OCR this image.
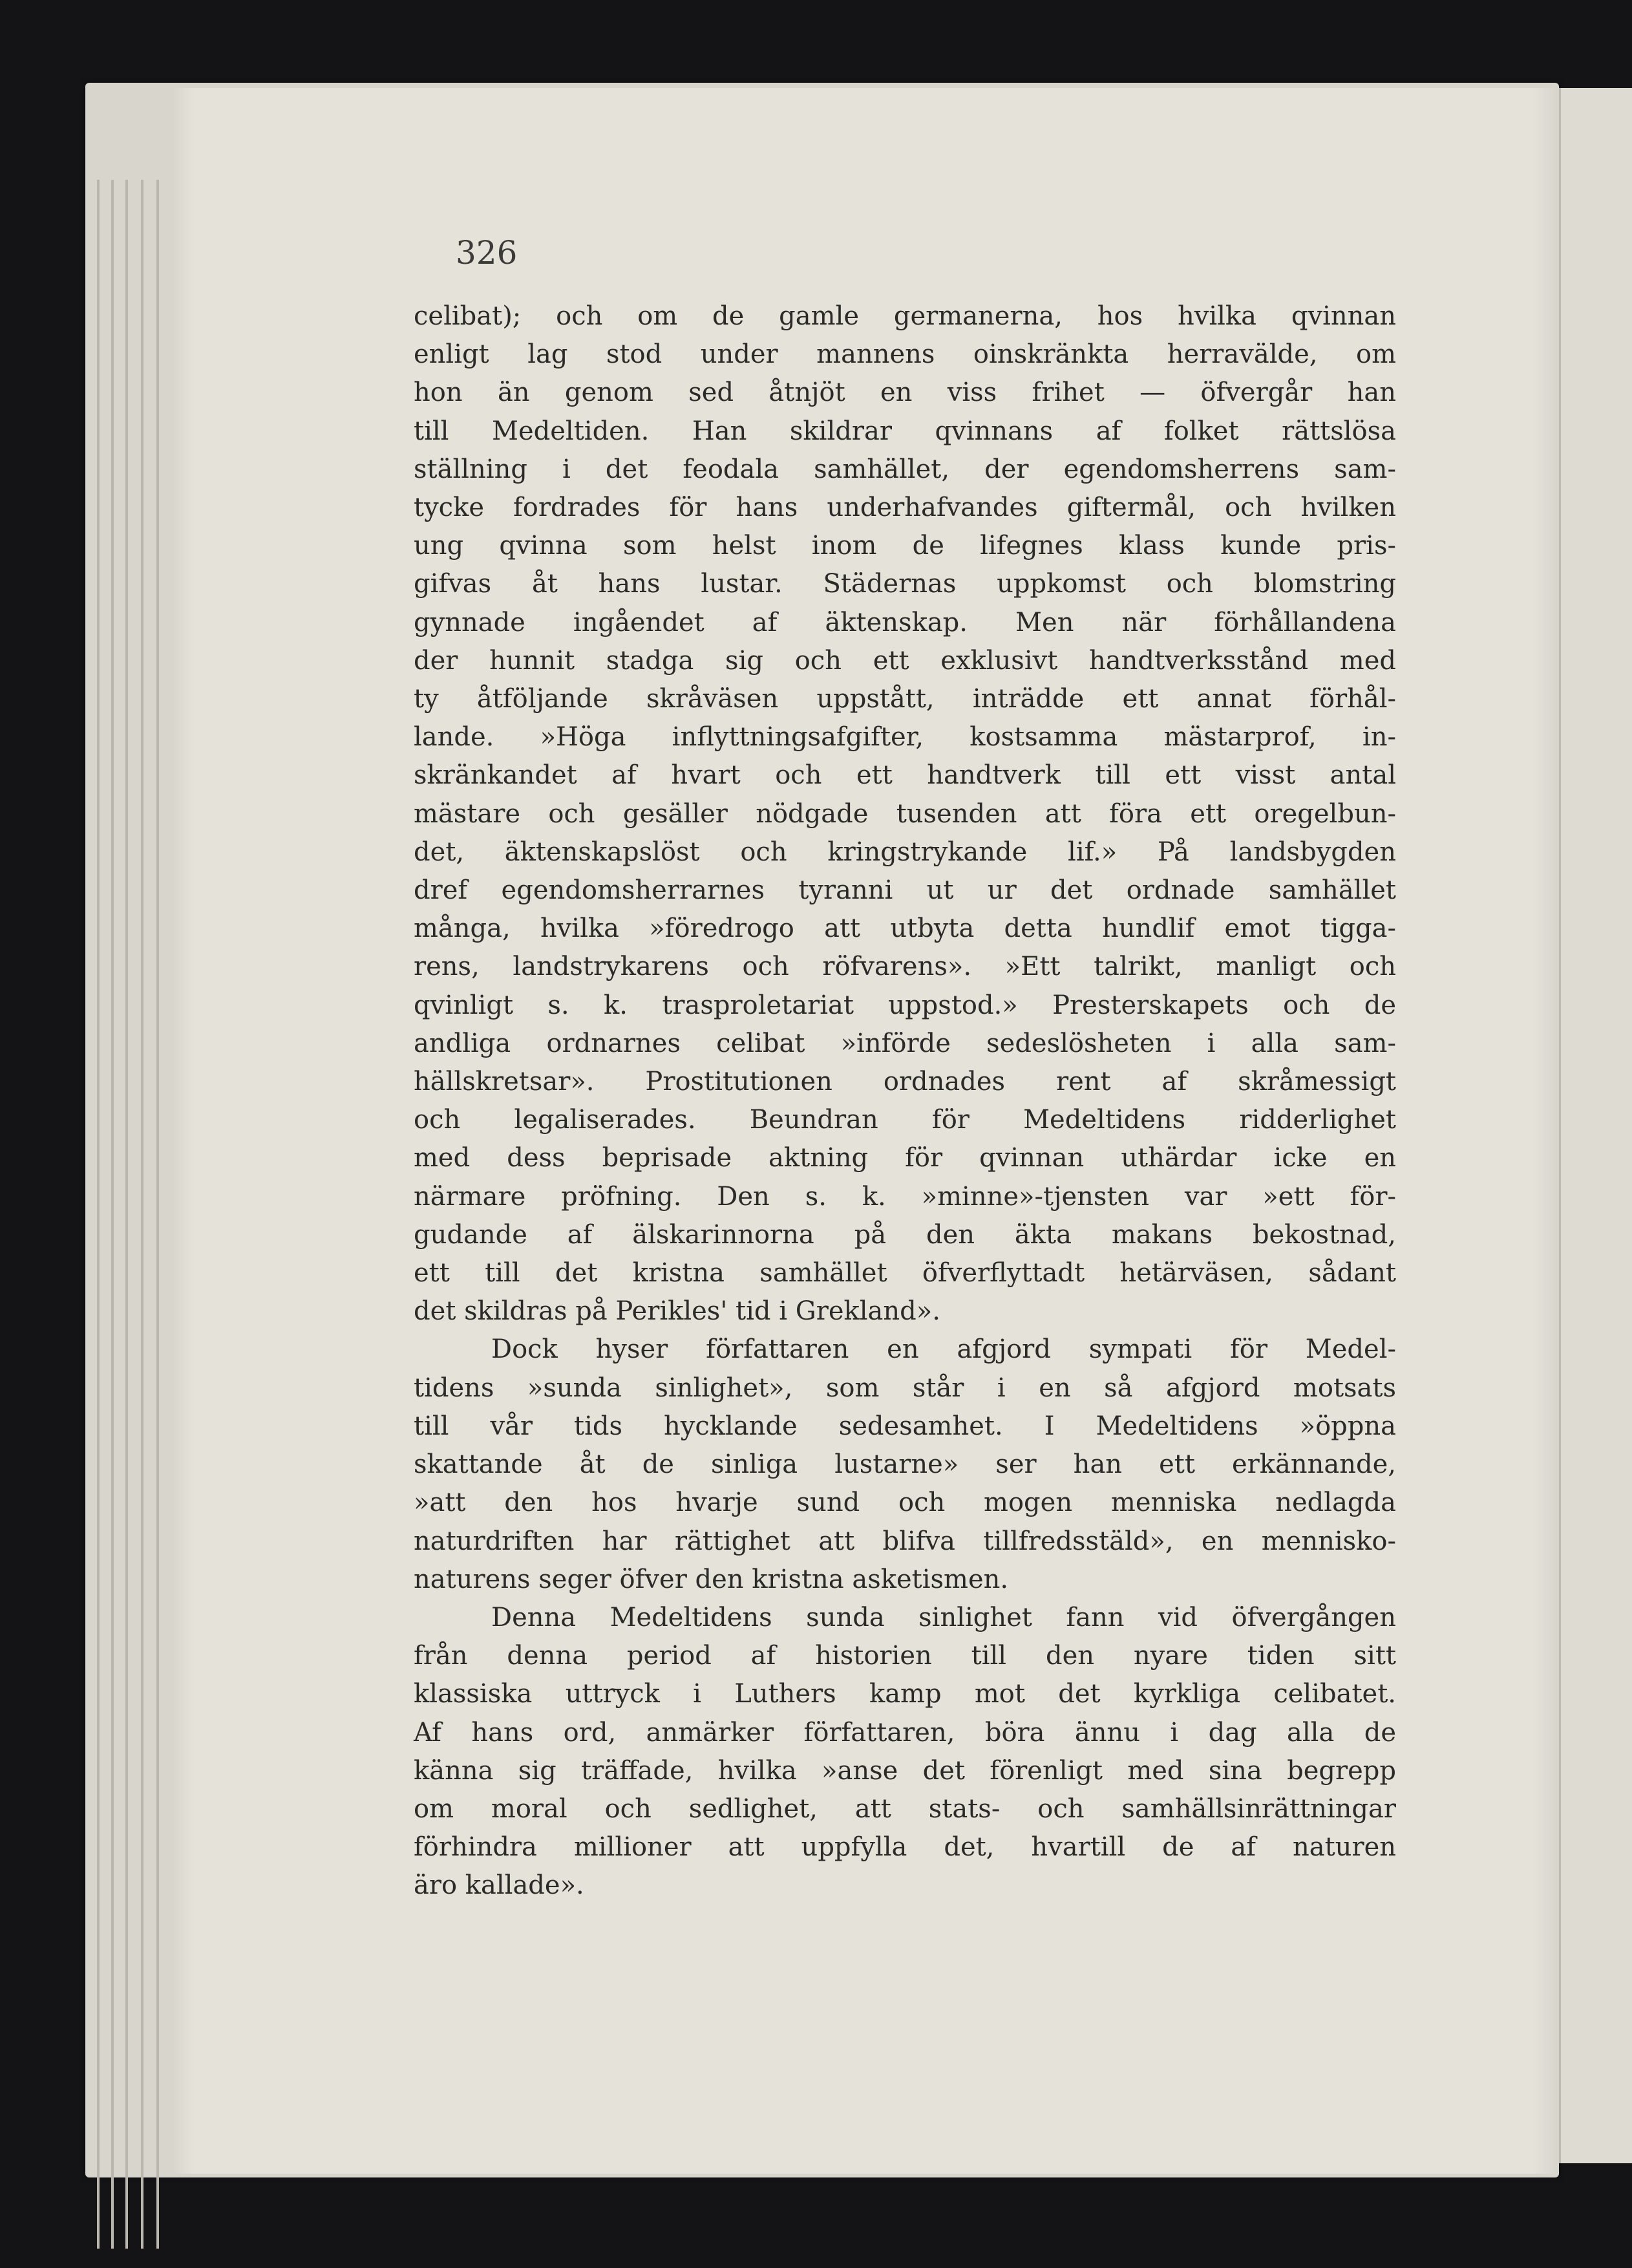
326

celibat); och om de gamle germanerna, hos hvilka qvinnan
enligt lag stod under mannens oinskränkta herravälde, om
hon än genom sed åtnjöt en viss frihet — öfvergår han
till Medeltiden. Han skildrar qvinnans af folket rättslösa
ställning i det feodala samhället, der egendomsherrens sam-
tycke fordrades för hans underhafvandes giftermål, och hvilken
ung qvinna som helst inom de lifegnes klass kunde pris-
gifvas åt hans lustar. Städernas uppkomst och blomstring
gynnade ingåendet af äktenskap. Men när förhållandena
der hunnit stadga sig och ett exklusivt handtverksstånd med
ty åtföljande skråväsen uppstått, inträdde ett annat förhål-
lande. »Höga inflyttningsafgifter, kostsamma mästarprof, in-
skränkandet af hvart och ett handtverk till ett visst antal
mästare och gesäller nödgade tusenden att föra ett oregelbun-
det, äktenskapslöst och kringstrykande lif.» På landsbygden
dref egendomsherrarnes tyranni ut ur det ordnade samhället
många, hvilka »föredrogo att utbyta detta hundlif emot tigga-
rens, landstrykarens och röfvarens». »Ett talrikt, manligt och
qvinligt s. k. trasproletariat uppstod.» Presterskapets och de
andliga ordnarnes celibat »införde sedeslösheten i alla sam-
hällskretsar». Prostitutionen ordnades rent af skråmessigt
och legaliserades. Beundran för Medeltidens ridderlighet
med dess beprisade aktning för qvinnan uthärdar icke en
närmare pröfning. Den s. k. »minne»-tjensten var »ett för-
gudande af älskarinnorna på den äkta makans bekostnad,
ett till det kristna samhället öfverflyttadt hetärväsen, sådant
det skildras på Perikles' tid i Grekland».
Dock hyser författaren en afgjord sympati för Medel-
tidens »sunda sinlighet», som står i en så afgjord motsats
till vår tids hycklande sedesamhet. I Medeltidens »öppna
skattande åt de sinliga lustarne» ser han ett erkännande,
»att den hos hvarje sund och mogen menniska nedlagda
naturdriften har rättighet att blifva tillfredsstäld», en mennisko-
naturens seger öfver den kristna asketismen.
Denna Medeltidens sunda sinlighet fann vid öfvergången
från denna period af historien till den nyare tiden sitt
klassiska uttryck i Luthers kamp mot det kyrkliga celibatet.
Af hans ord, anmärker författaren, böra ännu i dag alla de
känna sig träffade, hvilka »anse det förenligt med sina begrepp
om moral och sedlighet, att stats- och samhällsinrättningar
förhindra millioner att uppfylla det, hvartill de af naturen
äro kallade».
